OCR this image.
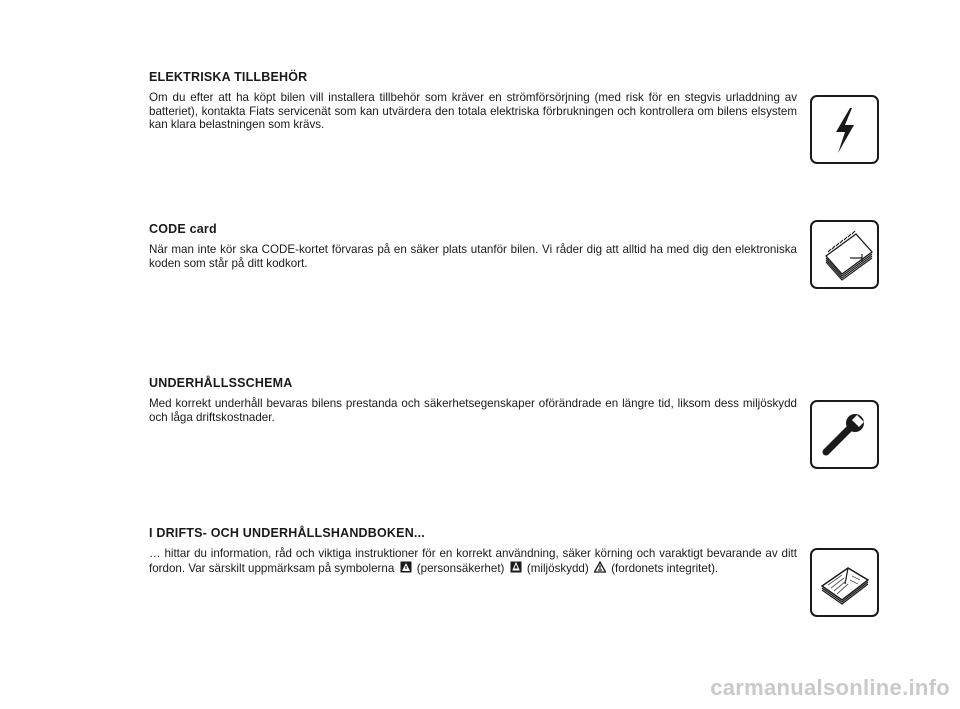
ELEKTRISKA TILLBEHÖR

Om du efter att ha köpt bilen vill installera tillbehör som kräver en strömförsörjning (med risk för en stegvis urladdning av batteriet), kontakta Fiats servicenät som kan utvärdera den totala elektriska förbrukningen och kontrollera om bilens elsystem kan klara belastningen som krävs.

CODE card

När man inte kör ska CODE-kortet förvaras på en säker plats utanför bilen. Vi råder dig att alltid ha med dig den elektroniska koden som står på ditt kodkort.

UNDERHÅLLSSCHEMA

Med korrekt underhåll bevaras bilens prestanda och säkerhetsegenskaper oförändrade en längre tid, liksom dess miljöskydd och låga driftskostnader.

I DRIFTS- OCH UNDERHÅLLSHANDBOKEN...

… hittar du information, råd och viktiga instruktioner för en korrekt användning, säker körning och varaktigt bevarande av ditt fordon. Var särskilt uppmärksam på symbolerna (personsäkerhet) (miljöskydd) (fordonets integritet).

carmanualsonline.info
